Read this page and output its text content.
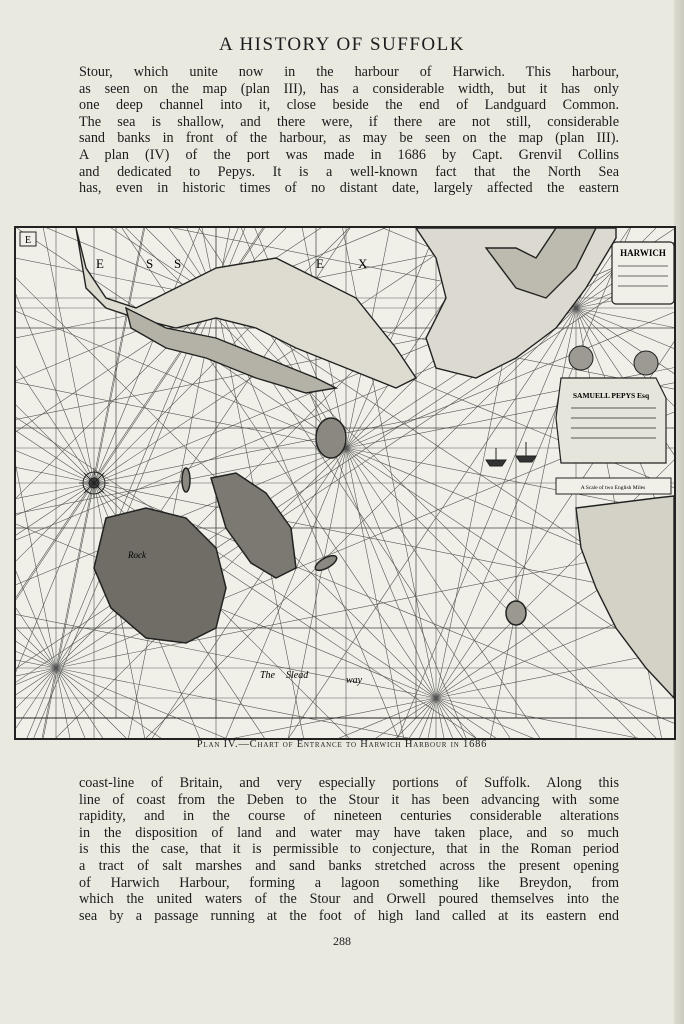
A HISTORY OF SUFFOLK
Stour, which unite now in the harbour of Harwich. This harbour,
as seen on the map (plan III), has a considerable width, but it has only
one deep channel into it, close beside the end of Landguard Common.
The sea is shallow, and there were, if there are not still, considerable
sand banks in front of the harbour, as may be seen on the map (plan III).
A plan (IV) of the port was made in 1686 by Capt. Grenvil Collins
and dedicated to Pepys. It is a well-known fact that the North Sea
has, even in historic times of no distant date, largely affected the eastern
E
E	S S	E	X
HARWICH
SAMUELL PEPYS Esq
A Scale of two English Miles
Rock
The Slead	way
Plan IV.—Chart of Entrance to Harwich Harbour in 1686
coast-line of Britain, and very especially portions of Suffolk. Along this
line of coast from the Deben to the Stour it has been advancing with some
rapidity, and in the course of nineteen centuries considerable alterations
in the disposition of land and water may have taken place, and so much
is this the case, that it is permissible to conjecture, that in the Roman period
a tract of salt marshes and sand banks stretched across the present opening
of Harwich Harbour, forming a lagoon something like Breydon, from
which the united waters of the Stour and Orwell poured themselves into the
sea by a passage running at the foot of high land called at its eastern end
288
